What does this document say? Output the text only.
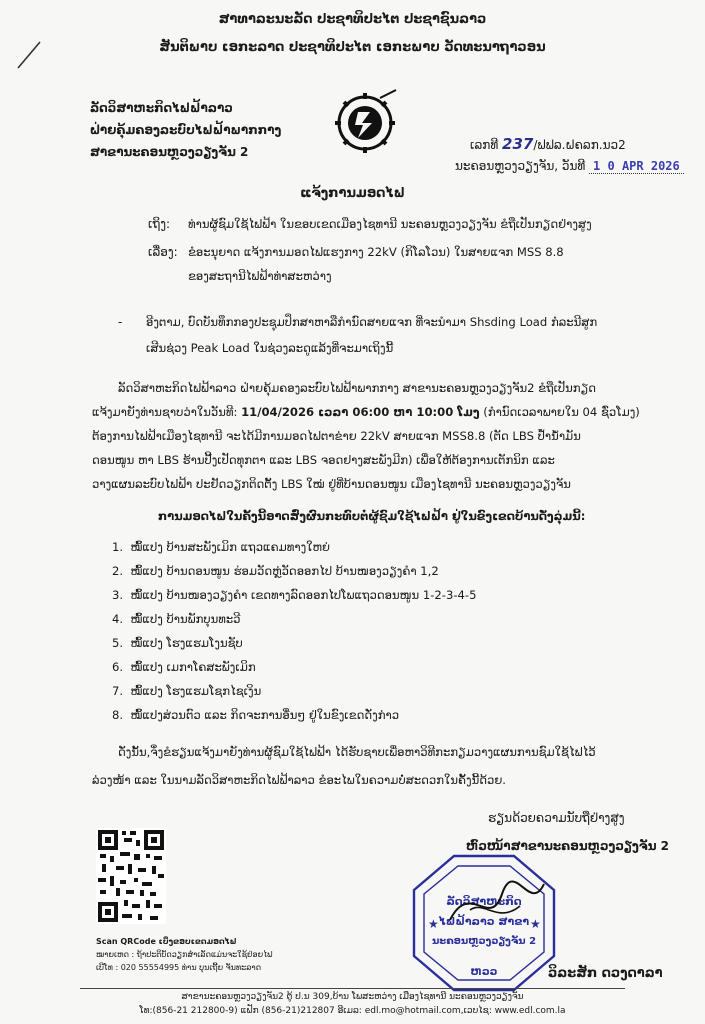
ສາທາລະນະລັດ ປະຊາທິປະໄຕ ປະຊາຊົນລາວ
ສັນຕິພາບ ເອກະລາດ ປະຊາທິປະໄຕ ເອກະພາບ ວັດທະນາຖາວອນ
ລັດວິສາຫະກິດໄຟຟ້າລາວ
ຝ່າຍຄຸ້ມຄອງລະບົບໄຟຟ້າພາກກາງ
ສາຂານະຄອນຫຼວງວຽງຈັນ 2	ເລກທີ 237/ຟຟລ.ຝຄລກ.ນວ2
ນະຄອນຫຼວງວຽງຈັນ, ວັນທີ 1 0 APR 2026
ແຈ້ງການມອດໄຟ
ເຖິງ: ທ່ານຜູ້ຊົມໃຊ້ໄຟຟ້າ ໃນຂອບເຂດເມືອງໄຊທານີ ນະຄອນຫຼວງວຽງຈັນ ຂໍຖືເປັນກຽດຢ່າງສູງ
ເລື່ອງ: ຂໍອະນຸຍາດ ແຈ້ງການມອດໄຟແຮງກາງ 22kV (ກິໂລໂວນ) ໃນສາຍແຈກ MSS 8.8
ຂອງສະຖານີໄຟຟ້າທ່າສະຫວ່າງ
- ອີງຕາມ, ບົດບັນທຶກກອງປະຊຸມປຶກສາຫາລືກໍານົດສາຍແຈກ ທີ່ຈະນໍາມາ Shsding Load ກໍລະນີສູກ
ເສີນຊ່ວງ Peak Load ໃນຊ່ວງລະດູແລ້ງທີ່ຈະມາເຖິງນີ້
ລັດວິສາຫະກິດໄຟຟ້າລາວ ຝ່າຍຄຸ້ມຄອງລະບົບໄຟຟ້າພາກກາງ ສາຂານະຄອນຫຼວງວຽງຈັນ2 ຂໍຖືເປັນກຽດ
ແຈ້ງມາຍັງທ່ານຊາບວ່າໃນວັນທີ: 11/04/2026 ເວລາ 06:00 ຫາ 10:00 ໂມງ (ກໍານົດເວລາພາຍໃນ 04 ຊົ່ວໂມງ)
ຕ້ອງການໄຟຟ້າເມືອງໄຊທານີ ຈະໄດ້ມີການມອດໄຟຕາຂ່າຍ 22kV ສາຍແຈກ MSS8.8 (ຕັດ LBS ປ້ຳນ້ຳມັນ
ດອນໜູນ ຫາ LBS ຮ້ານປີ້ງເປັດທຸກຕາ ແລະ LBS ຈອດຢາງສະພັງມີກ) ເພື່ອໃຫ້ຕ້ອງການເຕັກນິກ ແລະ
ວາງແຜນລະບົບໄຟຟ້າ ປະຢັດວຽກຕິດຕັ້ງ LBS ໃໝ່ ຢູ່ທີ່ບ້ານດອນໜູນ ເມືອງໄຊທານີ ນະຄອນຫຼວງວຽງຈັນ
ການມອດໄຟໃນຄັ້ງນີ້ອາດສົ່ງຜົນກະທົບຕໍ່ຜູ້ຊົມໃຊ້ໄຟຟ້າ ຢູ່ໃນຂົງເຂດບ້ານດັ່ງລຸ່ມນີ້:
1. ໝົ້ແປງ ບ້ານສະພັງເມິກ ແຖວແຄມທາງໃຫຍ່
2. ໝົ້ແປງ ບ້ານດອນໜູນ ຮ່ອມວັດຫຼ່ວັດອອກໄປ ບ້ານໜອງວຽງຄໍາ 1,2
3. ໝົ້ແປງ ບ້ານໜອງວຽງຄໍາ ເຂດທາງລົດອອກໄປໂພແຖວດອນໜູນ 1-2-3-4-5
4. ໝົ້ແປງ ບ້ານພັກບຸນທະວີ
5. ໝົ້ແປງ ໂຮງແຮມໂງນຊັບ
6. ໝົ້ແປງ ເມກາໂຄສະພັງເມິກ
7. ໝົ້ແປງ ໂຮງແຮມໂຊກໄຊເງິນ
8. ໝົ້ແປງສ່ວນຕົວ ແລະ ກິດຈະການອື່ນໆ ຢູ່ໃນຂົງເຂດດັ່ງກ່າວ
ດັ່ງນັ້ນ,ຈຶ່ງຂໍຮຽນແຈ້ງມາຍັງທ່ານຜູ້ຊົມໃຊ້ໄຟຟ້າ ໄດ້ຮັບຊາບເພື່ອຫາວິທີກະກຽມວາງແຜນການຊົມໃຊ້ໄຟໄວ້
ລ່ວງໜ້າ ແລະ ໃນນາມລັດວິສາຫະກິດໄຟຟ້າລາວ ຂໍອະໄພໃນຄວາມບໍ່ສະດວກໃນຄັ້ງນີ້ດ້ວຍ.
ຮຽນດ້ວຍຄວາມນັບຖືຢ່າງສູງ
ຫົວໜ້າສາຂານະຄອນຫຼວງວຽງຈັນ 2
★	★
ລັດວິສາຫະກິດ
ໄຟຟ້າລາວ ສາຂາ
ນະຄອນຫຼວງວຽງຈັນ 2
ຫວວ	ວິລະສັກ ດວງດາລາ
Scan QRCode ເບິ່ງຂອບເຂດມອດໄຟ
ໝາຍເຫດ : ຖ້າປະຕິບັດວຽກສໍາເລັດແມ່ນຈະໃຊ້ຢ່ອຍໄຟ
ເບີໂທ : 020 55554995 ທ່ານ ບຸນເຖີ້ຍ ຈັນທະລາດ
ສາຂານະຄອນຫຼວງວຽງຈັນ2 ຕູ້ ປ.ນ 309,ບ້ານ ໂພສະຫວ່າງ ເມືອງໄຊທານີ ນະຄອນຫຼວງວຽງຈັນ
ໂທ:(856-21 212800-9) ແຟັກ (856-21)212807 ອີເມລ: edl.mo@hotmail.com,ເວບໄຊ: www.edl.com.la
